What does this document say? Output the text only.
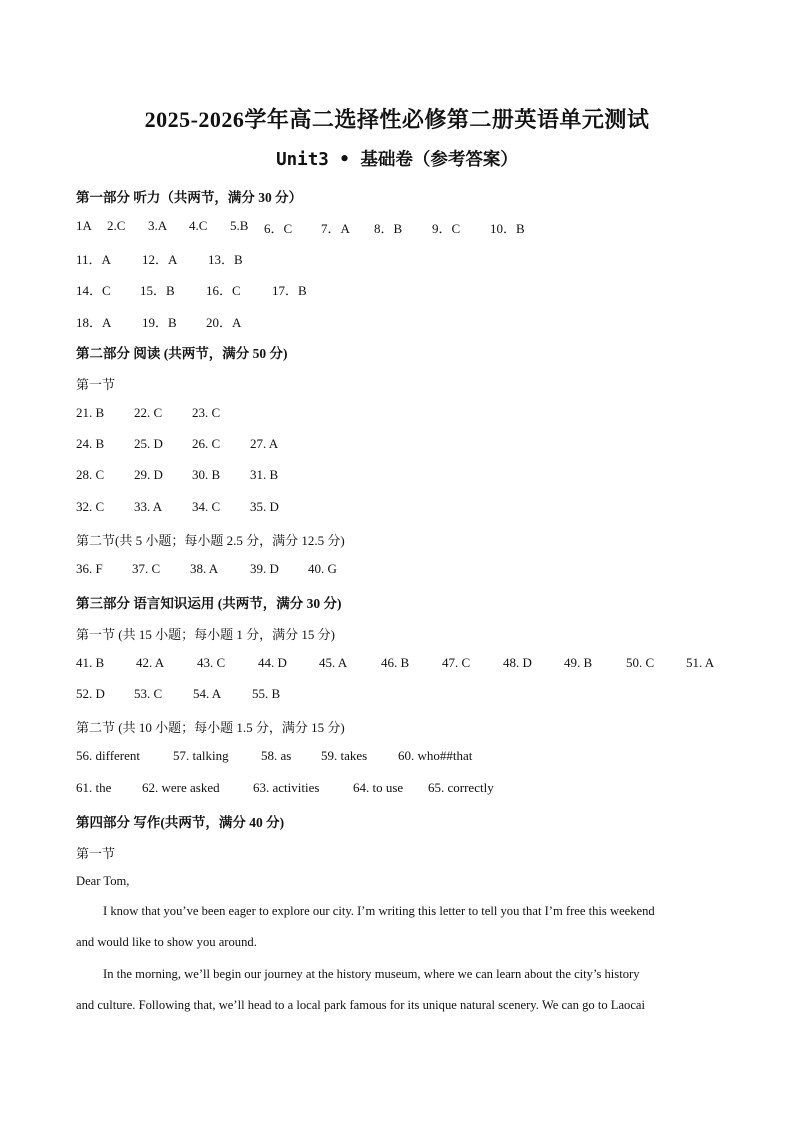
2025-2026学年高二选择性必修第二册英语单元测试
Unit3 • 基础卷（参考答案）
第一部分 听力（共两节，满分 30 分）
1A 2.C 3.A 4.C 5.B 6．C 7．A 8．B 9．C 10．B
11．A 12．A 13．B
14．C 15．B 16．C 17．B
18．A 19．B 20．A
第二部分 阅读 (共两节，满分 50 分)
第一节
21. B 22. C 23. C
24. B 25. D 26. C 27. A
28. C 29. D 30. B 31. B
32. C 33. A 34. C 35. D
第二节(共 5 小题；每小题 2.5 分，满分 12.5 分)
36. F 37. C 38. A 39. D 40. G
第三部分 语言知识运用 (共两节，满分 30 分)
第一节 (共 15 小题；每小题 1 分，满分 15 分)
41. B 42. A	43. C	44. D 45. A	46. B	47. C	48. D 49. B	50. C 51. A
52. D 53. C 54. A 55. B
第二节 (共 10 小题；每小题 1.5 分，满分 15 分)
56. different	57. talking 58. as 59. takes 60. who##that
61. the 62. were asked	63. activities	64. to use 65. correctly
第四部分 写作(共两节，满分 40 分)
第一节
Dear Tom,
I know that you’ve been eager to explore our city. I’m writing this letter to tell you that I’m free this weekend
and would like to show you around.
In the morning, we’ll begin our journey at the history museum, where we can learn about the city’s history
and culture. Following that, we’ll head to a local park famous for its unique natural scenery. We can go to Laocai
